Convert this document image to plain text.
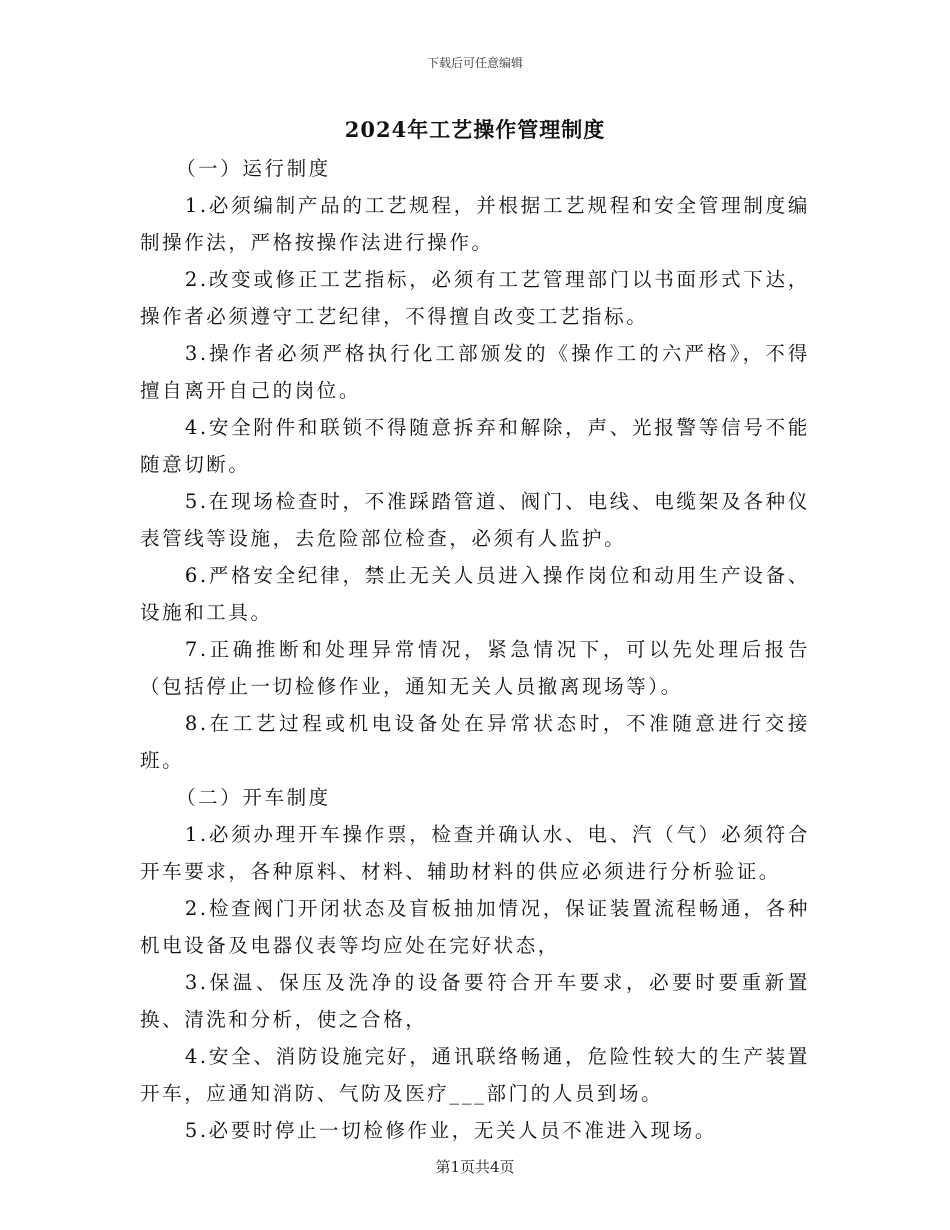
下载后可任意编辑
2024年工艺操作管理制度

（一）运行制度

1.必须编制产品的工艺规程，并根据工艺规程和安全管理制度编制操作法，严格按操作法进行操作。

2.改变或修正工艺指标，必须有工艺管理部门以书面形式下达，操作者必须遵守工艺纪律，不得擅自改变工艺指标。

3.操作者必须严格执行化工部颁发的《操作工的六严格》，不得擅自离开自己的岗位。

4.安全附件和联锁不得随意拆弃和解除，声、光报警等信号不能随意切断。

5.在现场检查时，不准踩踏管道、阀门、电线、电缆架及各种仪表管线等设施，去危险部位检查，必须有人监护。

6.严格安全纪律，禁止无关人员进入操作岗位和动用生产设备、设施和工具。

7.正确推断和处理异常情况，紧急情况下，可以先处理后报告（包括停止一切检修作业，通知无关人员撤离现场等）。

8.在工艺过程或机电设备处在异常状态时，不准随意进行交接班。

（二）开车制度

1.必须办理开车操作票，检查并确认水、电、汽（气）必须符合开车要求，各种原料、材料、辅助材料的供应必须进行分析验证。

2.检查阀门开闭状态及盲板抽加情况，保证装置流程畅通，各种机电设备及电器仪表等均应处在完好状态，

3.保温、保压及洗净的设备要符合开车要求，必要时要重新置换、清洗和分析，使之合格，

4.安全、消防设施完好，通讯联络畅通，危险性较大的生产装置开车，应通知消防、气防及医疗___部门的人员到场。

5.必要时停止一切检修作业，无关人员不准进入现场。

第1页共4页
